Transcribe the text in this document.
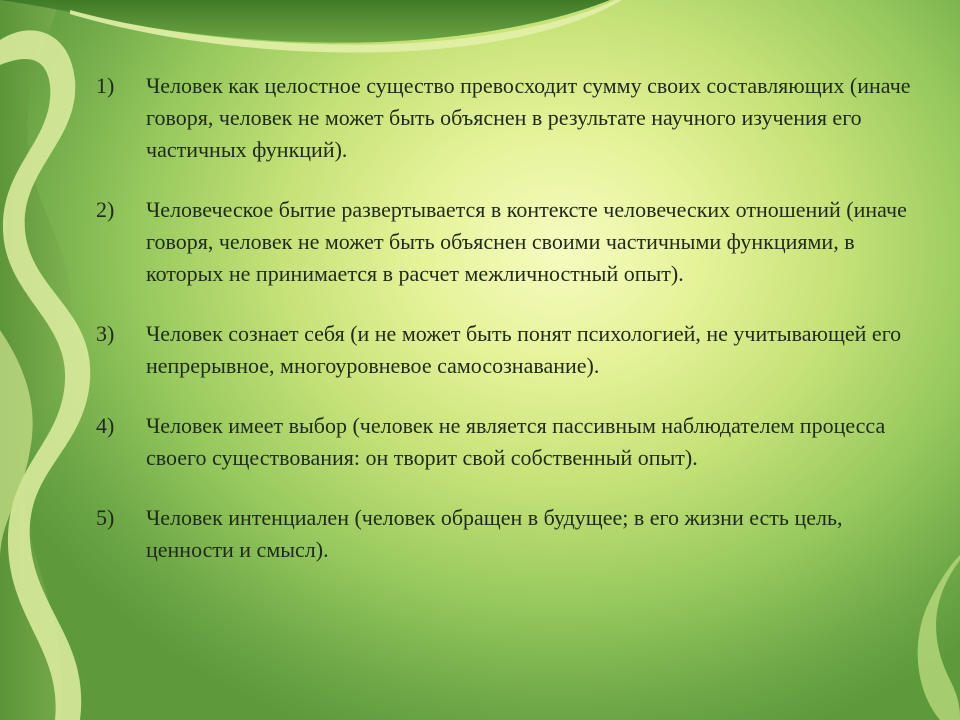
1)	Человек как целостное существо превосходит сумму своих составляющих (иначе говоря, человек не может быть объяснен в результате научного изучения его частичных функций).
2)	Человеческое бытие развертывается в контексте человеческих отношений (иначе говоря, человек не может быть объяснен своими частичными функциями, в которых не принимается в расчет межличностный опыт).
3)	Человек сознает себя (и не может быть понят психологией, не учитывающей его непрерывное, многоуровневое самосознавание).
4)	Человек имеет выбор (человек не является пассивным наблюдателем процесса своего существования: он творит свой собственный опыт).
5)	Человек интенциален (человек обращен в будущее; в его жизни есть цель, ценности и смысл).
